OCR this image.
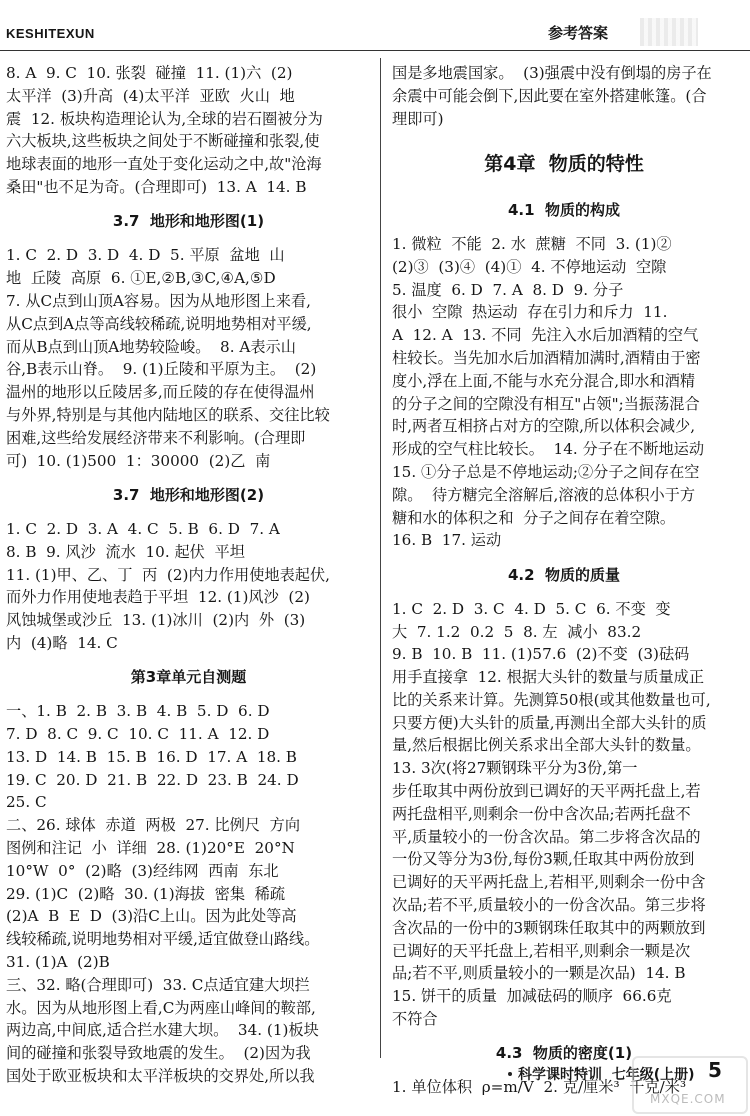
KESHITEXUN	参考答案
8. A  9. C  10. 张裂  碰撞  11. (1)六  (2)
太平洋  (3)升高  (4)太平洋  亚欧  火山  地
震  12. 板块构造理论认为,全球的岩石圈被分为
六大板块,这些板块之间处于不断碰撞和张裂,使
地球表面的地形一直处于变化运动之中,故"沧海
桑田"也不足为奇。(合理即可)  13. A  14. B
3.7  地形和地形图(1)
1. C  2. D  3. D  4. D  5. 平原  盆地  山
地  丘陵  高原  6. ①E,②B,③C,④A,⑤D
7. 从C点到山顶A容易。因为从地形图上来看,
从C点到A点等高线较稀疏,说明地势相对平缓,
而从B点到山顶A地势较险峻。  8. A表示山
谷,B表示山脊。  9. (1)丘陵和平原为主。  (2)
温州的地形以丘陵居多,而丘陵的存在使得温州
与外界,特别是与其他内陆地区的联系、交往比较
困难,这些给发展经济带来不利影响。(合理即
可)  10. (1)500  1：30000  (2)乙  南
3.7  地形和地形图(2)
1. C  2. D  3. A  4. C  5. B  6. D  7. A
8. B  9. 风沙  流水  10. 起伏  平坦
11. (1)甲、乙、丁  丙  (2)内力作用使地表起伏,
而外力作用使地表趋于平坦  12. (1)风沙  (2)
风蚀城堡或沙丘  13. (1)冰川  (2)内  外  (3)
内  (4)略  14. C
第3章单元自测题
一、1. B  2. B  3. B  4. B  5. D  6. D
7. D  8. C  9. C  10. C  11. A  12. D
13. D  14. B  15. B  16. D  17. A  18. B
19. C  20. D  21. B  22. D  23. B  24. D
25. C
二、26. 球体  赤道  两极  27. 比例尺  方向
图例和注记  小  详细  28. (1)20°E  20°N
10°W  0°  (2)略  (3)经纬网  西南  东北
29. (1)C  (2)略  30. (1)海拔  密集  稀疏
(2)A  B  E  D  (3)沿C上山。因为此处等高
线较稀疏,说明地势相对平缓,适宜做登山路线。
31. (1)A  (2)B
三、32. 略(合理即可)  33. C点适宜建大坝拦
水。因为从地形图上看,C为两座山峰间的鞍部,
两边高,中间底,适合拦水建大坝。  34. (1)板块
间的碰撞和张裂导致地震的发生。  (2)因为我
国处于欧亚板块和太平洋板块的交界处,所以我
国是多地震国家。  (3)强震中没有倒塌的房子在
余震中可能会倒下,因此要在室外搭建帐篷。(合
理即可)
第4章  物质的特性
4.1  物质的构成
1. 微粒  不能  2. 水  蔗糖  不同  3. (1)②
(2)③  (3)④  (4)①  4. 不停地运动  空隙
5. 温度  6. D  7. A  8. D  9. 分子
很小  空隙  热运动  存在引力和斥力  11.
A  12. A  13. 不同  先注入水后加酒精的空气
柱较长。当先加水后加酒精加满时,酒精由于密
度小,浮在上面,不能与水充分混合,即水和酒精
的分子之间的空隙没有相互"占领";当振荡混合
时,两者互相挤占对方的空隙,所以体积会减少,
形成的空气柱比较长。  14. 分子在不断地运动
15. ①分子总是不停地运动;②分子之间存在空
隙。  待方糖完全溶解后,溶液的总体积小于方
糖和水的体积之和  分子之间存在着空隙。
16. B  17. 运动
4.2  物质的质量
1. C  2. D  3. C  4. D  5. C  6. 不变  变
大  7. 1.2  0.2  5  8. 左  减小  83.2
9. B  10. B  11. (1)57.6  (2)不变  (3)砝码
用手直接拿  12. 根据大头针的数量与质量成正
比的关系来计算。先测算50根(或其他数量也可,
只要方便)大头针的质量,再测出全部大头针的质
量,然后根据比例关系求出全部大头针的数量。
13. 3次(将27颗钢珠平分为3份,第一
步任取其中两份放到已调好的天平两托盘上,若
两托盘相平,则剩余一份中含次品;若两托盘不
平,质量较小的一份含次品。第二步将含次品的
一份又等分为3份,每份3颗,任取其中两份放到
已调好的天平两托盘上,若相平,则剩余一份中含
次品;若不平,质量较小的一份含次品。第三步将
含次品的一份中的3颗钢珠任取其中的两颗放到
已调好的天平托盘上,若相平,则剩余一颗是次
品;若不平,则质量较小的一颗是次品)  14. B
15. 饼干的质量  加减砝码的顺序  66.6克
不符合
4.3  物质的密度(1)
1. 单位体积  ρ=m/V  2. 克/厘米³  千克/米³
科学课时特训  七年级(上册) 5
MXQE.COM
